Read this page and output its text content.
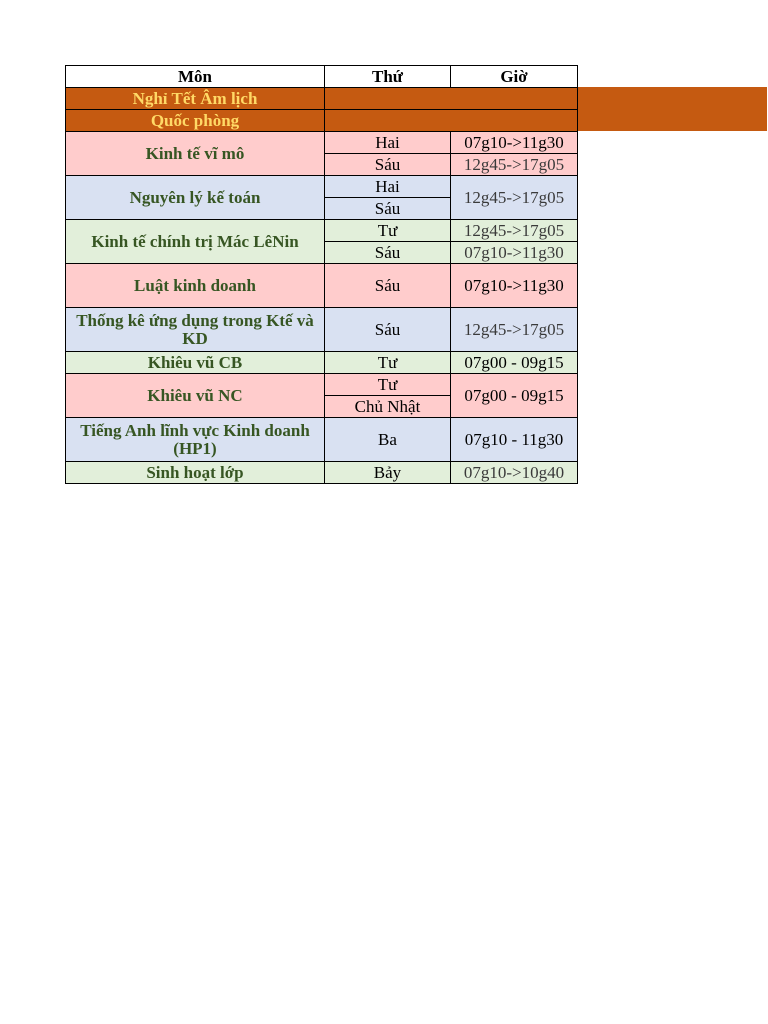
Môn	Thứ	Giờ
Nghỉ Tết Âm lịch		
Quốc phòng		
Kinh tế vĩ mô	Hai	07g10->11g30
	Sáu	12g45->17g05
Nguyên lý kế toán	Hai	12g45->17g05
	Sáu	
Kinh tế chính trị Mác LêNin	Tư	12g45->17g05
	Sáu	07g10->11g30
Luật kinh doanh	Sáu	07g10->11g30
Thống kê ứng dụng trong Ktế và KD	Sáu	12g45->17g05
Khiêu vũ CB	Tư	07g00 - 09g15
Khiêu vũ NC	Tư	07g00 - 09g15
	Chủ Nhật	
Tiếng Anh lĩnh vực Kinh doanh (HP1)	Ba	07g10 - 11g30
Sinh hoạt lớp	Bảy	07g10->10g40
